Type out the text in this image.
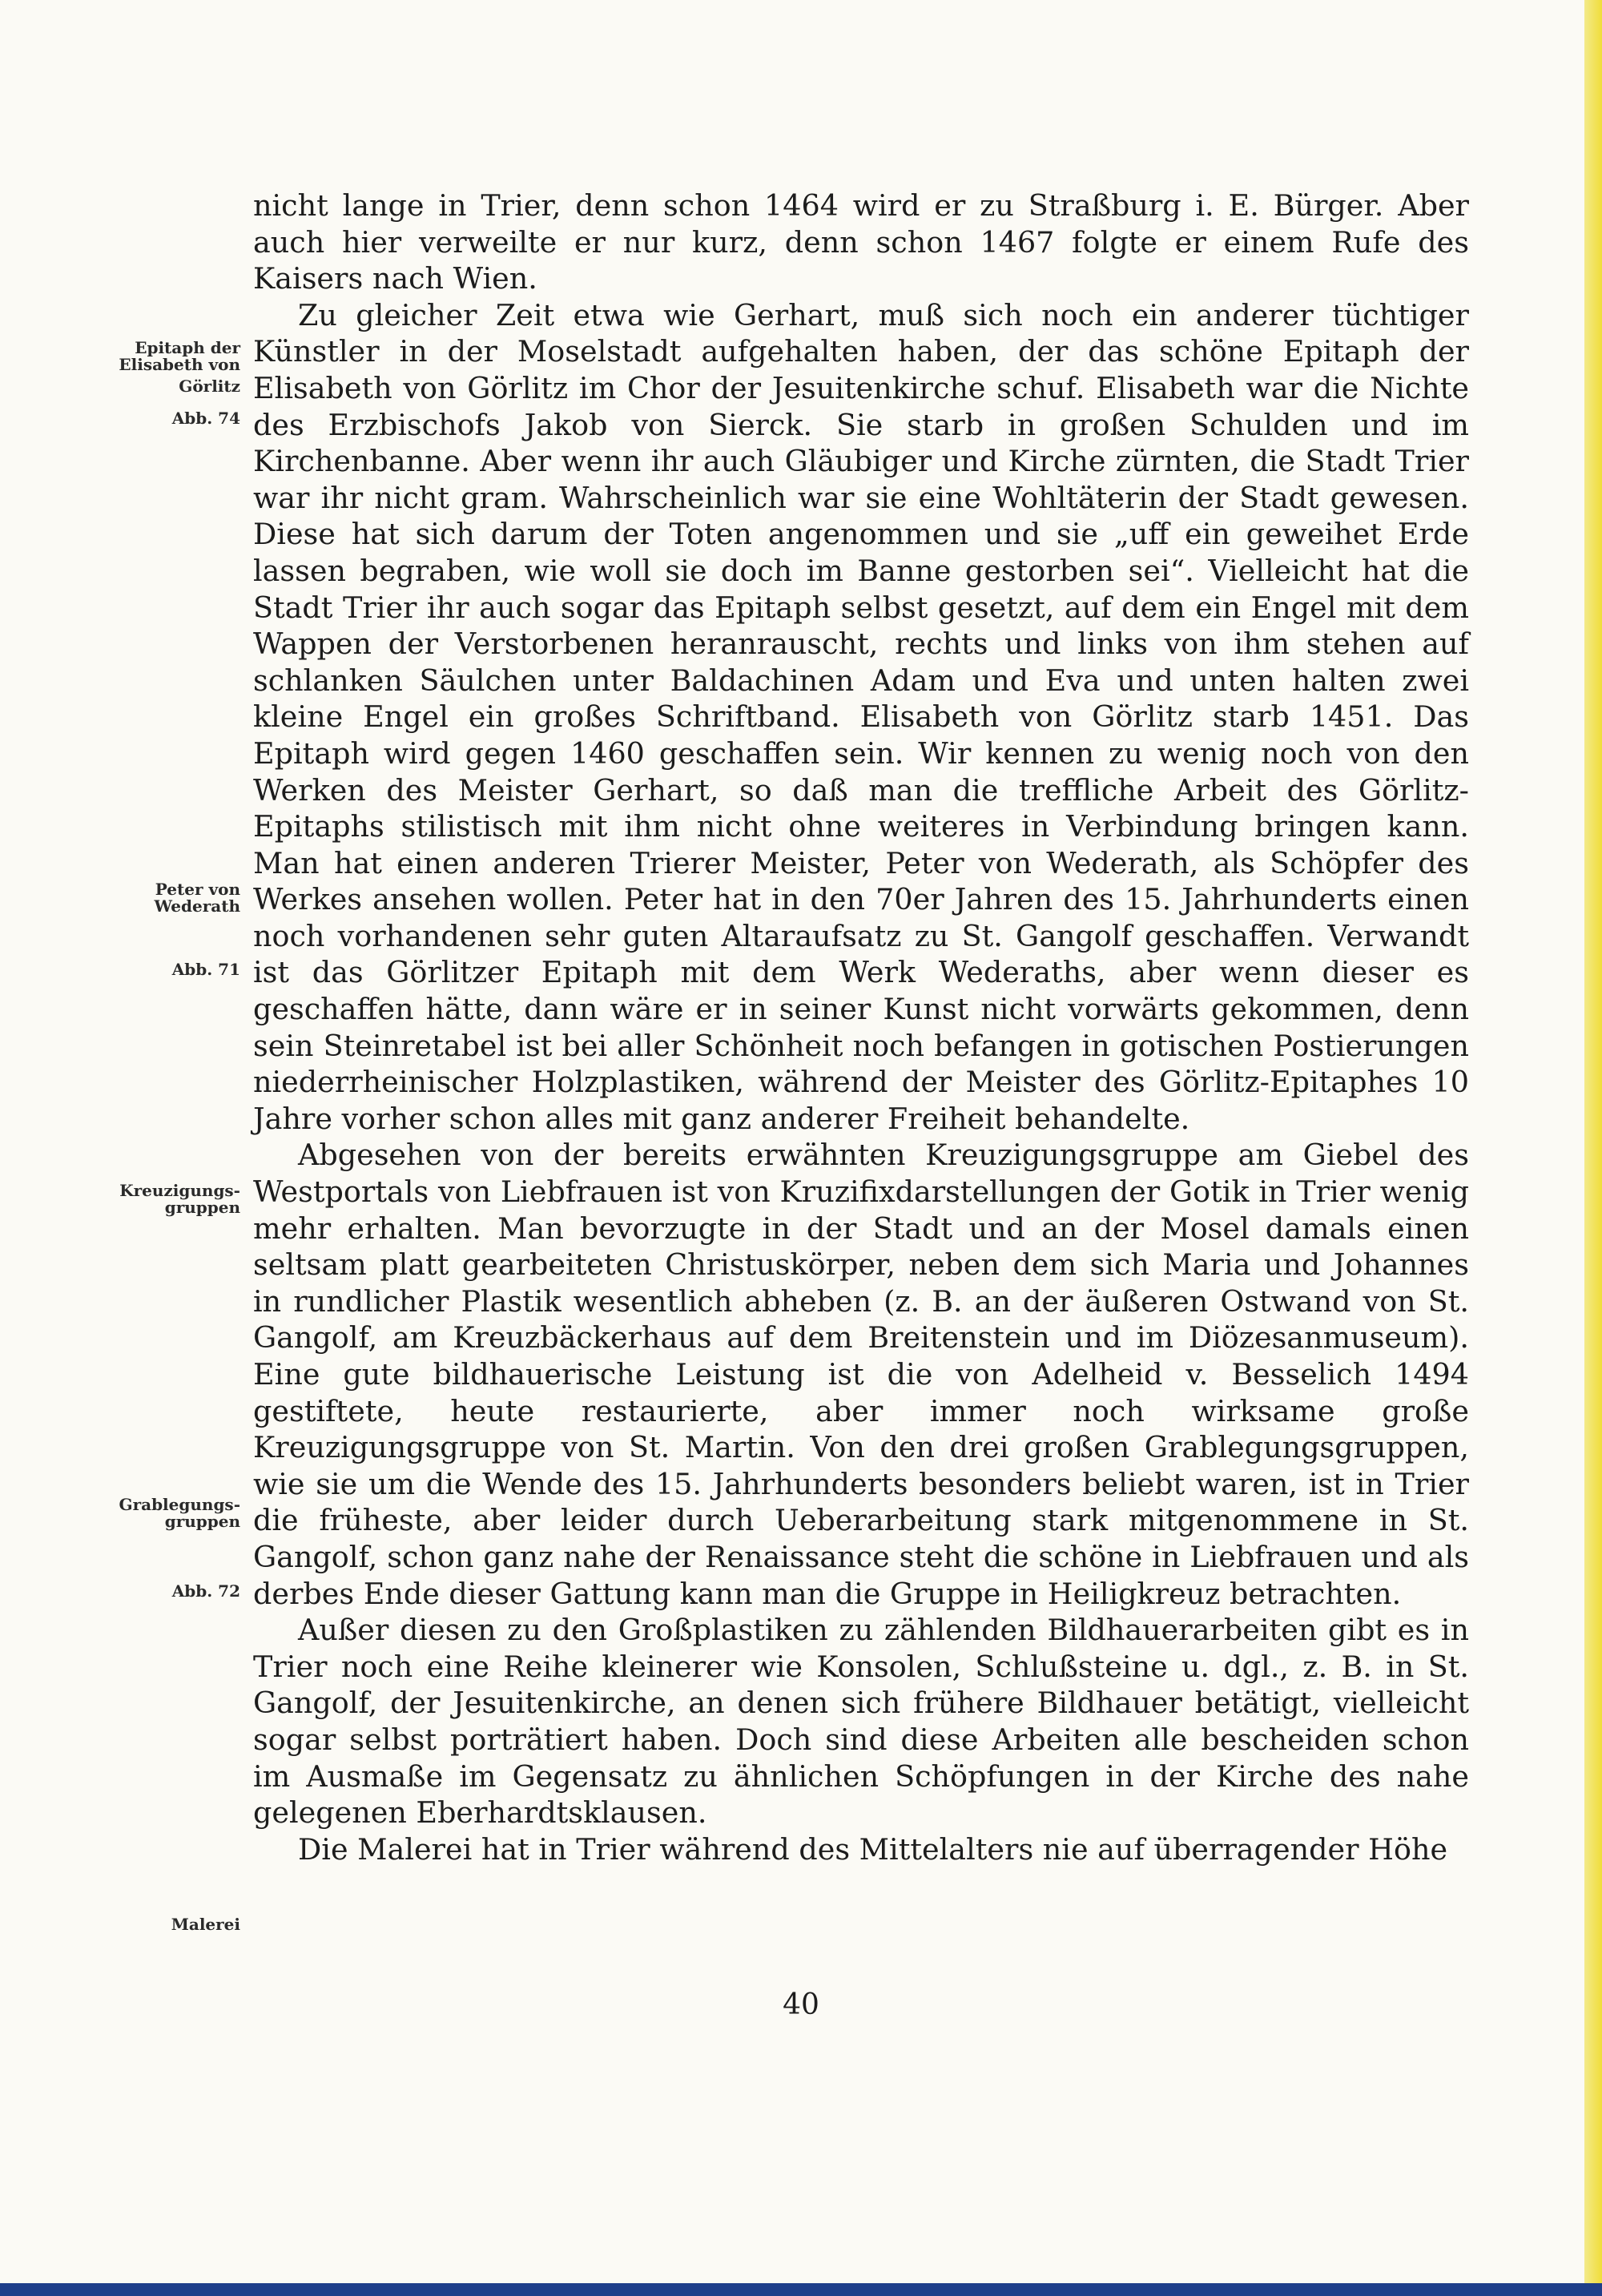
nicht lange in Trier, denn schon 1464 wird er zu Straßburg i. E. Bürger. Aber auch hier verweilte er nur kurz, denn schon 1467 folgte er einem Rufe des Kaisers nach Wien.

Zu gleicher Zeit etwa wie Gerhart, muß sich noch ein anderer tüchtiger Künstler in der Moselstadt aufgehalten haben, der das schöne Epitaph der Elisabeth von Görlitz im Chor der Jesuitenkirche schuf. Elisabeth war die Nichte des Erzbischofs Jakob von Sierck. Sie starb in großen Schulden und im Kirchenbanne. Aber wenn ihr auch Gläubiger und Kirche zürnten, die Stadt Trier war ihr nicht gram. Wahrscheinlich war sie eine Wohltäterin der Stadt gewesen. Diese hat sich darum der Toten angenommen und sie „uff ein geweihet Erde lassen begraben, wie woll sie doch im Banne gestorben sei“. Vielleicht hat die Stadt Trier ihr auch sogar das Epitaph selbst gesetzt, auf dem ein Engel mit dem Wappen der Verstorbenen heranrauscht, rechts und links von ihm stehen auf schlanken Säulchen unter Baldachinen Adam und Eva und unten halten zwei kleine Engel ein großes Schriftband. Elisabeth von Görlitz starb 1451. Das Epitaph wird gegen 1460 geschaffen sein. Wir kennen zu wenig noch von den Werken des Meister Gerhart, so daß man die treffliche Arbeit des Görlitz-Epitaphs stilistisch mit ihm nicht ohne weiteres in Verbindung bringen kann. Man hat einen anderen Trierer Meister, Peter von Wederath, als Schöpfer des Werkes ansehen wollen. Peter hat in den 70er Jahren des 15. Jahrhunderts einen noch vorhandenen sehr guten Altaraufsatz zu St. Gangolf geschaffen. Verwandt ist das Görlitzer Epitaph mit dem Werk Wederaths, aber wenn dieser es geschaffen hätte, dann wäre er in seiner Kunst nicht vorwärts gekommen, denn sein Steinretabel ist bei aller Schönheit noch befangen in gotischen Postierungen niederrheinischer Holzplastiken, während der Meister des Görlitz-Epitaphes 10 Jahre vorher schon alles mit ganz anderer Freiheit behandelte.

Abgesehen von der bereits erwähnten Kreuzigungsgruppe am Giebel des Westportals von Liebfrauen ist von Kruzifixdarstellungen der Gotik in Trier wenig mehr erhalten. Man bevorzugte in der Stadt und an der Mosel damals einen seltsam platt gearbeiteten Christuskörper, neben dem sich Maria und Johannes in rundlicher Plastik wesentlich abheben (z. B. an der äußeren Ostwand von St. Gangolf, am Kreuzbäckerhaus auf dem Breitenstein und im Diözesanmuseum). Eine gute bildhauerische Leistung ist die von Adelheid v. Besselich 1494 gestiftete, heute restaurierte, aber immer noch wirksame große Kreuzigungsgruppe von St. Martin. Von den drei großen Grablegungsgruppen, wie sie um die Wende des 15. Jahrhunderts besonders beliebt waren, ist in Trier die früheste, aber leider durch Ueberarbeitung stark mitgenommene in St. Gangolf, schon ganz nahe der Renaissance steht die schöne in Liebfrauen und als derbes Ende dieser Gattung kann man die Gruppe in Heiligkreuz betrachten.

Außer diesen zu den Großplastiken zu zählenden Bildhauerarbeiten gibt es in Trier noch eine Reihe kleinerer wie Konsolen, Schlußsteine u. dgl., z. B. in St. Gangolf, der Jesuitenkirche, an denen sich frühere Bildhauer betätigt, vielleicht sogar selbst porträtiert haben. Doch sind diese Arbeiten alle bescheiden schon im Ausmaße im Gegensatz zu ähnlichen Schöpfungen in der Kirche des nahe gelegenen Eberhardtsklausen.

Die Malerei hat in Trier während des Mittelalters nie auf überragender Höhe

Epitaph der
Elisabeth von
Görlitz
Abb. 74
Peter von
Wederath
Abb. 71
Kreuzigungs-
gruppen
Grablegungs-
gruppen
Abb. 72
Malerei
40
